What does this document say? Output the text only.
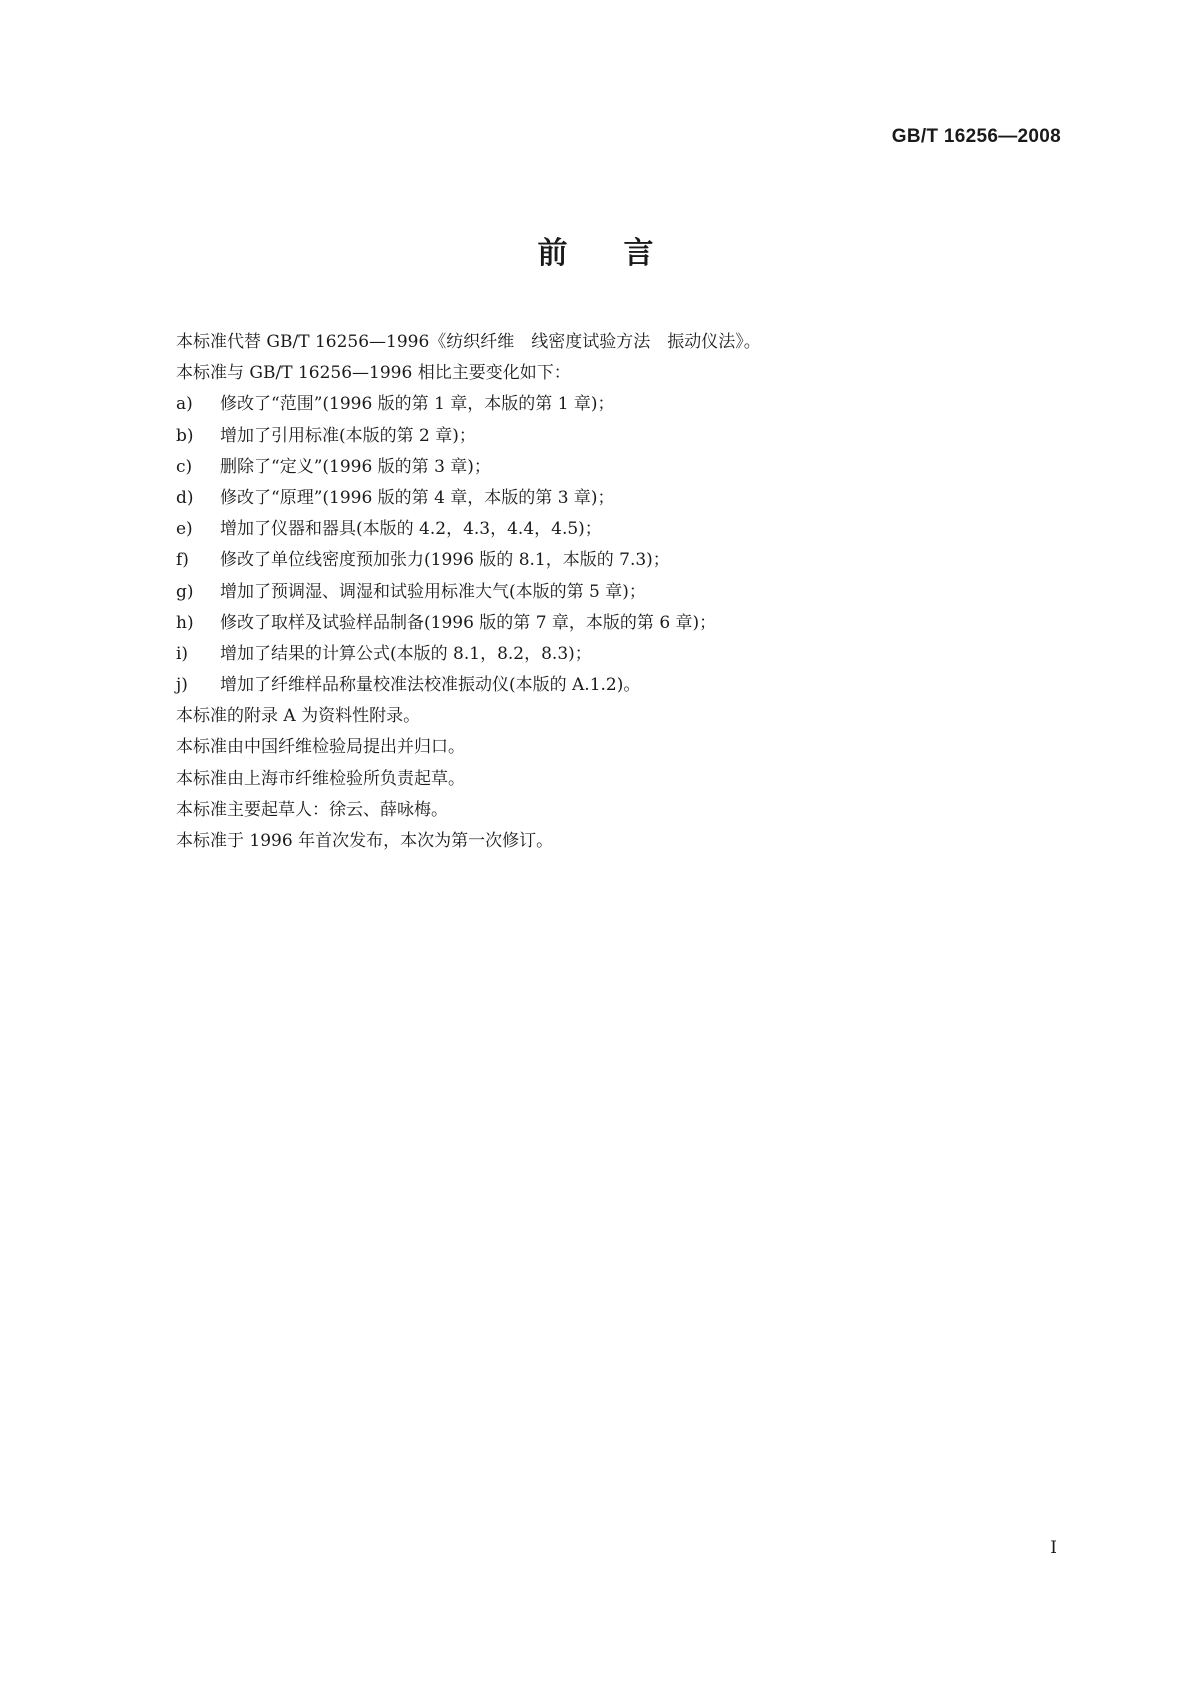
GB/T 16256—2008
前言
本标准代替 GB/T 16256—1996《纺织纤维　线密度试验方法　振动仪法》。
本标准与 GB/T 16256—1996 相比主要变化如下：
a) 修改了“范围”(1996 版的第 1 章，本版的第 1 章)；
b) 增加了引用标准(本版的第 2 章)；
c) 删除了“定义”(1996 版的第 3 章)；
d) 修改了“原理”(1996 版的第 4 章，本版的第 3 章)；
e) 增加了仪器和器具(本版的 4.2，4.3，4.4，4.5)；
f) 修改了单位线密度预加张力(1996 版的 8.1，本版的 7.3)；
g) 增加了预调湿、调湿和试验用标准大气(本版的第 5 章)；
h) 修改了取样及试验样品制备(1996 版的第 7 章，本版的第 6 章)；
i) 增加了结果的计算公式(本版的 8.1，8.2，8.3)；
j) 增加了纤维样品称量校准法校准振动仪(本版的 A.1.2)。
本标准的附录 A 为资料性附录。
本标准由中国纤维检验局提出并归口。
本标准由上海市纤维检验所负责起草。
本标准主要起草人：徐云、薛咏梅。
本标准于 1996 年首次发布，本次为第一次修订。
I
